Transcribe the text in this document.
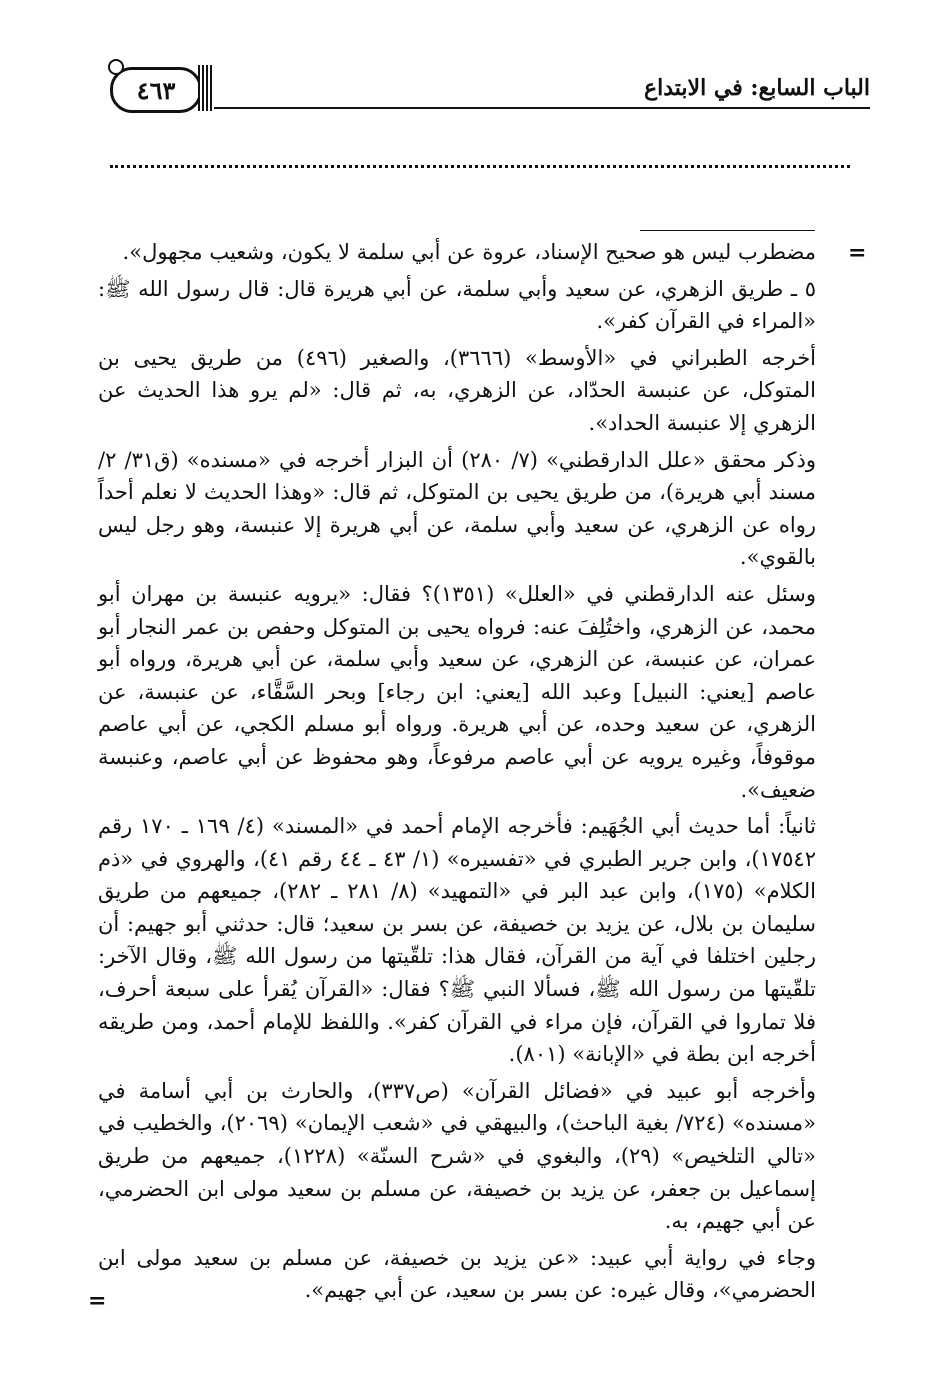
٤٦٣	الباب السابع: في الابتداع
=
=

مضطرب ليس هو صحيح الإسناد، عروة عن أبي سلمة لا يكون، وشعيب مجهول».

٥ ـ طريق الزهري، عن سعيد وأبي سلمة، عن أبي هريرة قال: قال رسول الله ﷺ: «المراء في القرآن كفر».

أخرجه الطبراني في «الأوسط» (٣٦٦٦)، والصغير (٤٩٦) من طريق يحيى بن المتوكل، عن عنبسة الحدّاد، عن الزهري، به، ثم قال: «لم يرو هذا الحديث عن الزهري إلا عنبسة الحداد».

وذكر محقق «علل الدارقطني» (٧/ ٢٨٠) أن البزار أخرجه في «مسنده» (ق٣١/ ٢/ مسند أبي هريرة)، من طريق يحيى بن المتوكل، ثم قال: «وهذا الحديث لا نعلم أحداً رواه عن الزهري، عن سعيد وأبي سلمة، عن أبي هريرة إلا عنبسة، وهو رجل ليس بالقوي».

وسئل عنه الدارقطني في «العلل» (١٣٥١)؟ فقال: «يرويه عنبسة بن مهران أبو محمد، عن الزهري، واختُلِفَ عنه: فرواه يحيى بن المتوكل وحفص بن عمر النجار أبو عمران، عن عنبسة، عن الزهري، عن سعيد وأبي سلمة، عن أبي هريرة، ورواه أبو عاصم [يعني: النبيل] وعبد الله [يعني: ابن رجاء] وبحر السَّقَّاء، عن عنبسة، عن الزهري، عن سعيد وحده، عن أبي هريرة. ورواه أبو مسلم الكجي، عن أبي عاصم موقوفاً، وغيره يرويه عن أبي عاصم مرفوعاً، وهو محفوظ عن أبي عاصم، وعنبسة ضعيف».

ثانياً: أما حديث أبي الجُهَيم: فأخرجه الإمام أحمد في «المسند» (٤/ ١٦٩ ـ ١٧٠ رقم ١٧٥٤٢)، وابن جرير الطبري في «تفسيره» (١/ ٤٣ ـ ٤٤ رقم ٤١)، والهروي في «ذم الكلام» (١٧٥)، وابن عبد البر في «التمهيد» (٨/ ٢٨١ ـ ٢٨٢)، جميعهم من طريق سليمان بن بلال، عن يزيد بن خصيفة، عن بسر بن سعيد؛ قال: حدثني أبو جهيم: أن رجلين اختلفا في آية من القرآن، فقال هذا: تلقّيتها من رسول الله ﷺ، وقال الآخر: تلقّيتها من رسول الله ﷺ، فسألا النبي ﷺ؟ فقال: «القرآن يُقرأ على سبعة أحرف، فلا تماروا في القرآن، فإن مراء في القرآن كفر». واللفظ للإمام أحمد، ومن طريقه أخرجه ابن بطة في «الإبانة» (٨٠١).

وأخرجه أبو عبيد في «فضائل القرآن» (ص٣٣٧)، والحارث بن أبي أسامة في «مسنده» (٧٢٤/ بغية الباحث)، والبيهقي في «شعب الإيمان» (٢٠٦٩)، والخطيب في «تالي التلخيص» (٢٩)، والبغوي في «شرح السنّة» (١٢٢٨)، جميعهم من طريق إسماعيل بن جعفر، عن يزيد بن خصيفة، عن مسلم بن سعيد مولى ابن الحضرمي، عن أبي جهيم، به.

وجاء في رواية أبي عبيد: «عن يزيد بن خصيفة، عن مسلم بن سعيد مولى ابن الحضرمي»، وقال غيره: عن بسر بن سعيد، عن أبي جهيم».
